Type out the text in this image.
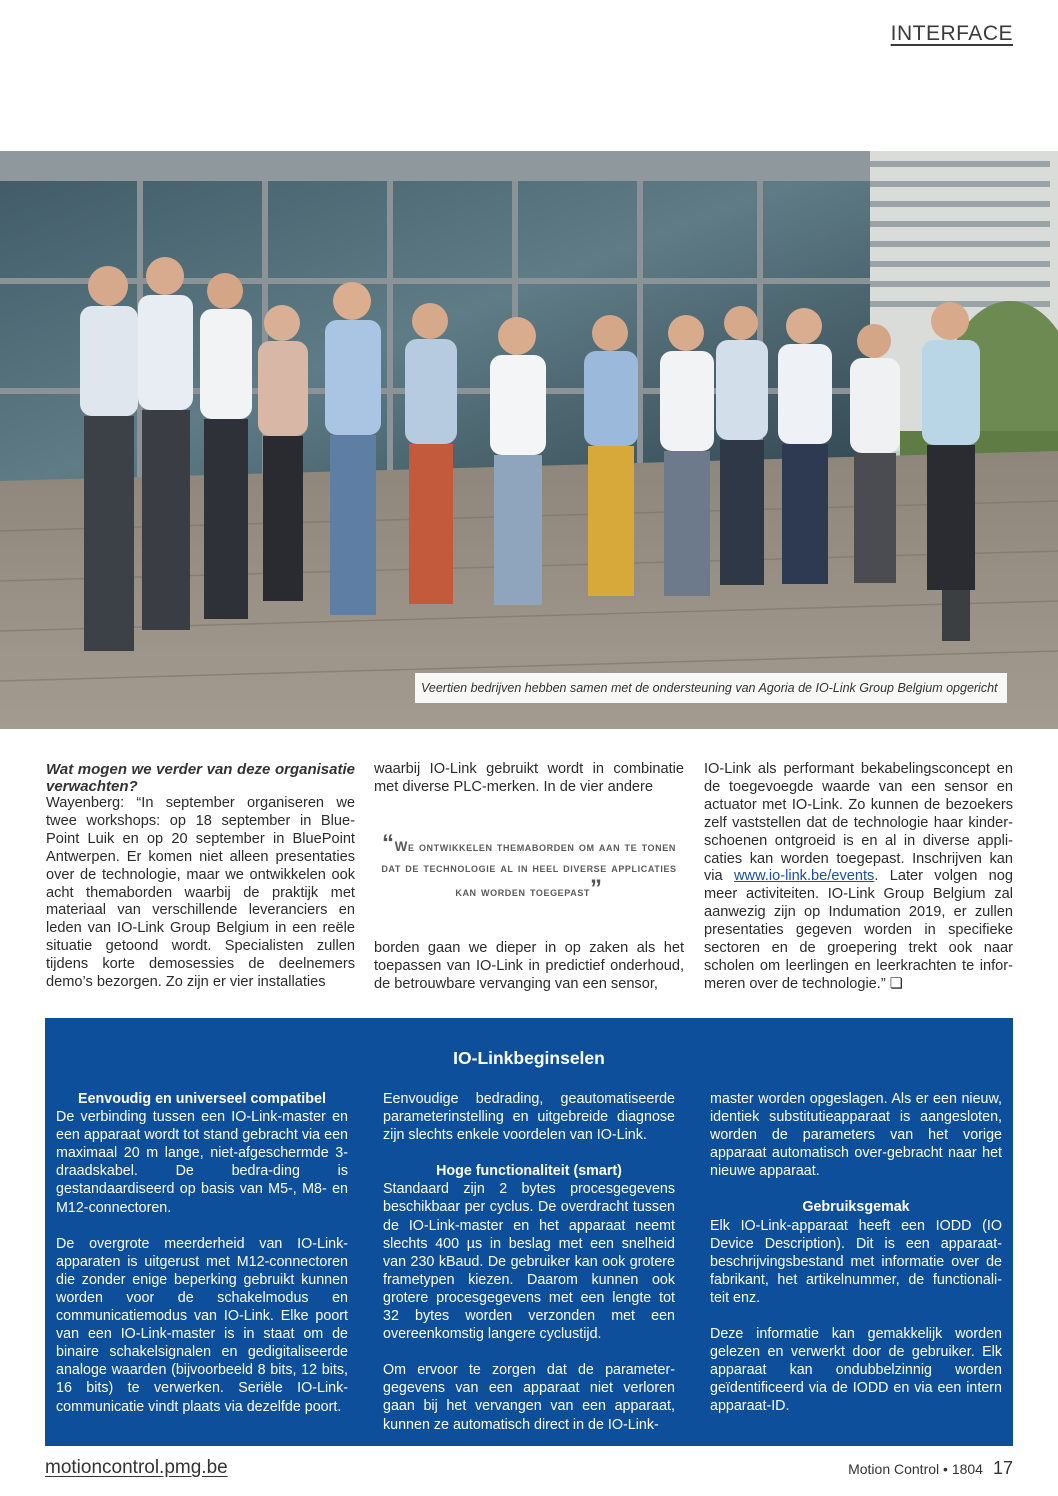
INTERFACE
Veertien bedrijven hebben samen met de ondersteuning van Agoria de IO-Link Group Belgium opgericht

Wat mogen we verder van deze organisatie verwachten?

Wayenberg: “In september organiseren we twee workshops: op 18 september in Blue-Point Luik en op 20 september in BluePoint Antwerpen. Er komen niet alleen presentaties over de technologie, maar we ontwikkelen ook acht themaborden waarbij de praktijk met materiaal van verschillende leveranciers en leden van IO-Link Group Belgium in een reële situatie getoond wordt. Specialisten zullen tijdens korte demosessies de deelnemers demo’s bezorgen. Zo zijn er vier installaties

waarbij IO-Link gebruikt wordt in combinatie met diverse PLC-merken. In de vier andere

“We ontwikkelen themaborden om aan te tonen dat de technologie al in heel diverse applicaties kan worden toegepast”

borden gaan we dieper in op zaken als het toepassen van IO-Link in predictief onderhoud, de betrouwbare vervanging van een sensor,

IO-Link als performant bekabelingsconcept en de toegevoegde waarde van een sensor en actuator met IO-Link. Zo kunnen de bezoekers zelf vaststellen dat de technologie haar kinder-schoenen ontgroeid is en al in diverse appli-caties kan worden toegepast. Inschrijven kan via www.io-link.be/events. Later volgen nog meer activiteiten. IO-Link Group Belgium zal aanwezig zijn op Indumation 2019, er zullen presentaties gegeven worden in specifieke sectoren en de groepering trekt ook naar scholen om leerlingen en leerkrachten te infor-meren over de technologie.” ❏

IO-Linkbeginselen

Eenvoudig en universeel compatibel

De verbinding tussen een IO-Link-master en een apparaat wordt tot stand gebracht via een maximaal 20 m lange, niet-afgeschermde 3-draadskabel. De bedra-ding is gestandaardiseerd op basis van M5-, M8- en M12-connectoren.

De overgrote meerderheid van IO-Link-apparaten is uitgerust met M12-connectoren die zonder enige beperking gebruikt kunnen worden voor de schakelmodus en communicatiemodus van IO-Link. Elke poort van een IO-Link-master is in staat om de binaire schakelsignalen en gedigitaliseerde analoge waarden (bijvoorbeeld 8 bits, 12 bits, 16 bits) te verwerken. Seriële IO-Link-communicatie vindt plaats via dezelfde poort.

Eenvoudige bedrading, geautomatiseerde parameterinstelling en uitgebreide diagnose zijn slechts enkele voordelen van IO-Link.

Hoge functionaliteit (smart)

Standaard zijn 2 bytes procesgegevens beschikbaar per cyclus. De overdracht tussen de IO-Link-master en het apparaat neemt slechts 400 µs in beslag met een snelheid van 230 kBaud. De gebruiker kan ook grotere frametypen kiezen. Daarom kunnen ook grotere procesgegevens met een lengte tot 32 bytes worden verzonden met een overeenkomstig langere cyclustijd.

Om ervoor te zorgen dat de parameter-gegevens van een apparaat niet verloren gaan bij het vervangen van een apparaat, kunnen ze automatisch direct in de IO-Link-

master worden opgeslagen. Als er een nieuw, identiek substitutieapparaat is aangesloten, worden de parameters van het vorige apparaat automatisch over-gebracht naar het nieuwe apparaat.

Gebruiksgemak

Elk IO-Link-apparaat heeft een IODD (IO Device Description). Dit is een apparaat-beschrijvingsbestand met informatie over de fabrikant, het artikelnummer, de functionali-teit enz.

Deze informatie kan gemakkelijk worden gelezen en verwerkt door de gebruiker. Elk apparaat kan ondubbelzinnig worden geïdentificeerd via de IODD en via een intern apparaat-ID.

motioncontrol.pmg.be	Motion Control • 1804 17
